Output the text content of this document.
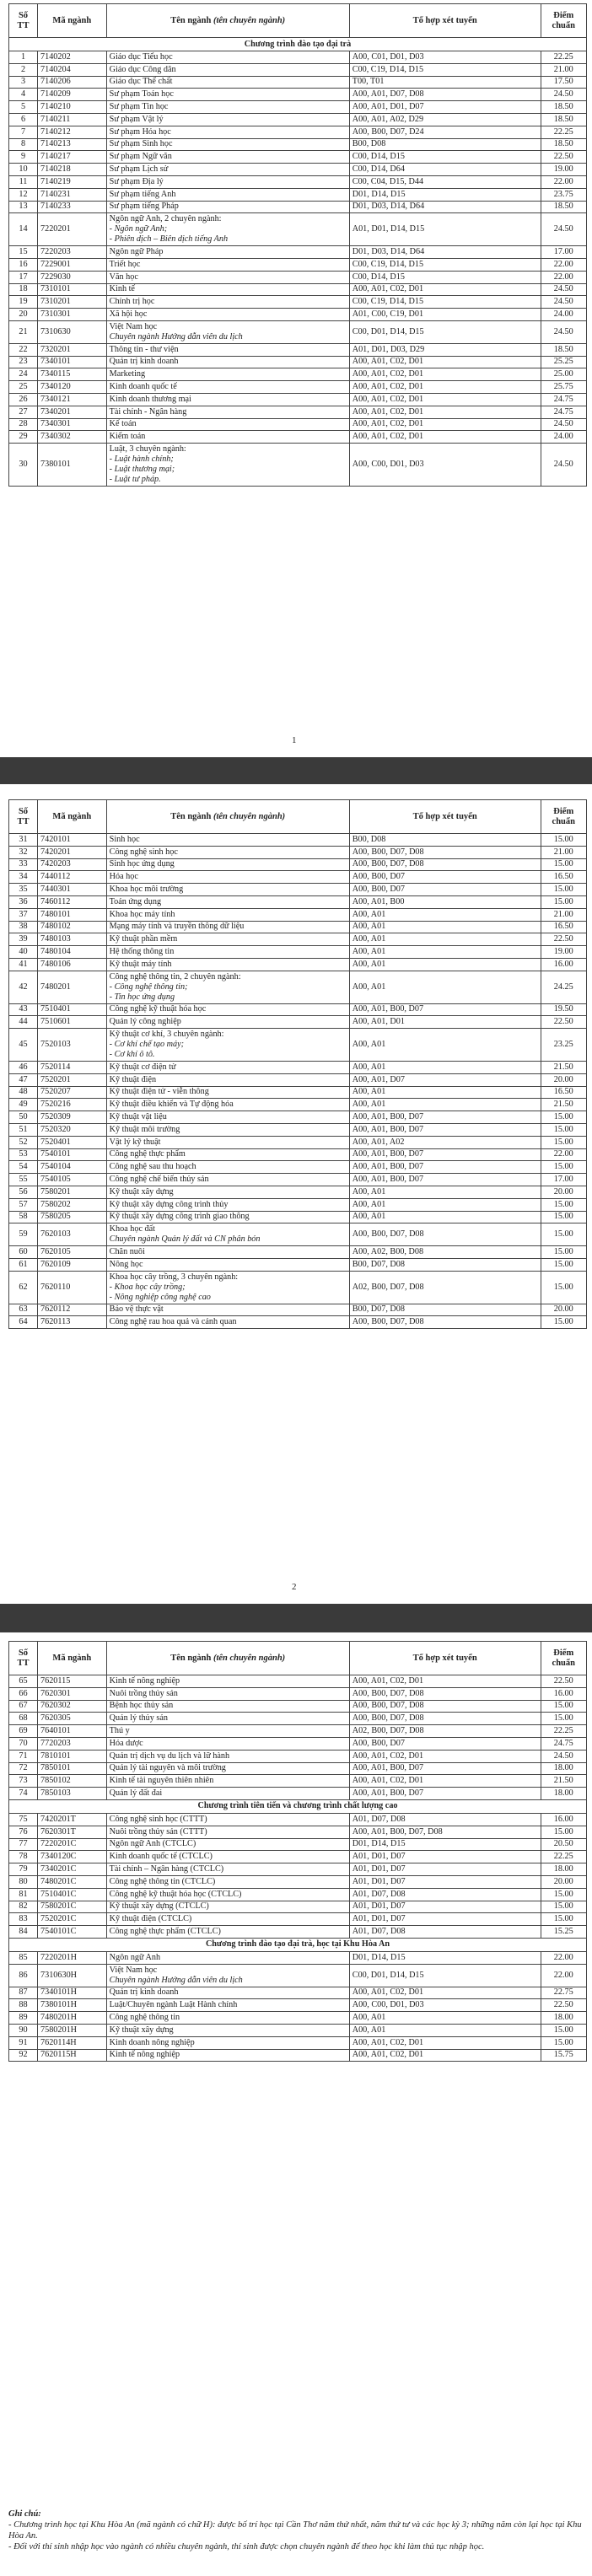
Số TT	Mã ngành	Tên ngành (tên chuyên ngành)	Tổ hợp xét tuyển	Điểm chuẩn
Chương trình đào tạo đại trà				
1	7140202	Giáo dục Tiểu học	A00, C01, D01, D03	22.25
2	7140204	Giáo dục Công dân	C00, C19, D14, D15	21.00
3	7140206	Giáo dục Thể chất	T00, T01	17.50
4	7140209	Sư phạm Toán học	A00, A01, D07, D08	24.50
5	7140210	Sư phạm Tin học	A00, A01, D01, D07	18.50
6	7140211	Sư phạm Vật lý	A00, A01, A02, D29	18.50
7	7140212	Sư phạm Hóa học	A00, B00, D07, D24	22.25
8	7140213	Sư phạm Sinh học	B00, D08	18.50
9	7140217	Sư phạm Ngữ văn	C00, D14, D15	22.50
10	7140218	Sư phạm Lịch sử	C00, D14, D64	19.00
11	7140219	Sư phạm Địa lý	C00, C04, D15, D44	22.00
12	7140231	Sư phạm tiếng Anh	D01, D14, D15	23.75
13	7140233	Sư phạm tiếng Pháp	D01, D03, D14, D64	18.50
14	7220201	Ngôn ngữ Anh, 2 chuyên ngành:
- Ngôn ngữ Anh;
- Phiên dịch – Biên dịch tiếng Anh	A01, D01, D14, D15	24.50
15	7220203	Ngôn ngữ Pháp	D01, D03, D14, D64	17.00
16	7229001	Triết học	C00, C19, D14, D15	22.00
17	7229030	Văn học	C00, D14, D15	22.00
18	7310101	Kinh tế	A00, A01, C02, D01	24.50
19	7310201	Chính trị học	C00, C19, D14, D15	24.50
20	7310301	Xã hội học	A01, C00, C19, D01	24.00
21	7310630	Việt Nam học
Chuyên ngành Hướng dẫn viên du lịch	C00, D01, D14, D15	24.50
22	7320201	Thông tin - thư viện	A01, D01, D03, D29	18.50
23	7340101	Quản trị kinh doanh	A00, A01, C02, D01	25.25
24	7340115	Marketing	A00, A01, C02, D01	25.00
25	7340120	Kinh doanh quốc tế	A00, A01, C02, D01	25.75
26	7340121	Kinh doanh thương mại	A00, A01, C02, D01	24.75
27	7340201	Tài chính - Ngân hàng	A00, A01, C02, D01	24.75
28	7340301	Kế toán	A00, A01, C02, D01	24.50
29	7340302	Kiểm toán	A00, A01, C02, D01	24.00
30	7380101	Luật, 3 chuyên ngành:
- Luật hành chính;
- Luật thương mại;
- Luật tư pháp.	A00, C00, D01, D03	24.50
1
Số TT	Mã ngành	Tên ngành (tên chuyên ngành)	Tổ hợp xét tuyển	Điểm chuẩn
31	7420101	Sinh học	B00, D08	15.00
32	7420201	Công nghệ sinh học	A00, B00, D07, D08	21.00
33	7420203	Sinh học ứng dụng	A00, B00, D07, D08	15.00
34	7440112	Hóa học	A00, B00, D07	16.50
35	7440301	Khoa học môi trường	A00, B00, D07	15.00
36	7460112	Toán ứng dụng	A00, A01, B00	15.00
37	7480101	Khoa học máy tính	A00, A01	21.00
38	7480102	Mạng máy tính và truyền thông dữ liệu	A00, A01	16.50
39	7480103	Kỹ thuật phần mềm	A00, A01	22.50
40	7480104	Hệ thống thông tin	A00, A01	19.00
41	7480106	Kỹ thuật máy tính	A00, A01	16.00
42	7480201	Công nghệ thông tin, 2 chuyên ngành:
- Công nghệ thông tin;
- Tin học ứng dụng	A00, A01	24.25
43	7510401	Công nghệ kỹ thuật hóa học	A00, A01, B00, D07	19.50
44	7510601	Quản lý công nghiệp	A00, A01, D01	22.50
45	7520103	Kỹ thuật cơ khí, 3 chuyên ngành:
- Cơ khí chế tạo máy;
- Cơ khí ô tô.	A00, A01	23.25
46	7520114	Kỹ thuật cơ điện tử	A00, A01	21.50
47	7520201	Kỹ thuật điện	A00, A01, D07	20.00
48	7520207	Kỹ thuật điện tử - viễn thông	A00, A01	16.50
49	7520216	Kỹ thuật điều khiển và Tự động hóa	A00, A01	21.50
50	7520309	Kỹ thuật vật liệu	A00, A01, B00, D07	15.00
51	7520320	Kỹ thuật môi trường	A00, A01, B00, D07	15.00
52	7520401	Vật lý kỹ thuật	A00, A01, A02	15.00
53	7540101	Công nghệ thực phẩm	A00, A01, B00, D07	22.00
54	7540104	Công nghệ sau thu hoạch	A00, A01, B00, D07	15.00
55	7540105	Công nghệ chế biến thủy sản	A00, A01, B00, D07	17.00
56	7580201	Kỹ thuật xây dựng	A00, A01	20.00
57	7580202	Kỹ thuật xây dựng công trình thủy	A00, A01	15.00
58	7580205	Kỹ thuật xây dựng công trình giao thông	A00, A01	15.00
59	7620103	Khoa học đất
Chuyên ngành Quản lý đất và CN phân bón	A00, B00, D07, D08	15.00
60	7620105	Chăn nuôi	A00, A02, B00, D08	15.00
61	7620109	Nông học	B00, D07, D08	15.00
62	7620110	Khoa học cây trồng, 3 chuyên ngành:
- Khoa học cây trồng;
- Nông nghiệp công nghệ cao	A02, B00, D07, D08	15.00
63	7620112	Bảo vệ thực vật	B00, D07, D08	20.00
64	7620113	Công nghệ rau hoa quả và cảnh quan	A00, B00, D07, D08	15.00
2
Số TT	Mã ngành	Tên ngành (tên chuyên ngành)	Tổ hợp xét tuyển	Điểm chuẩn
65	7620115	Kinh tế nông nghiệp	A00, A01, C02, D01	22.50
66	7620301	Nuôi trồng thủy sản	A00, B00, D07, D08	16.00
67	7620302	Bệnh học thủy sản	A00, B00, D07, D08	15.00
68	7620305	Quản lý thủy sản	A00, B00, D07, D08	15.00
69	7640101	Thú y	A02, B00, D07, D08	22.25
70	7720203	Hóa dược	A00, B00, D07	24.75
71	7810101	Quản trị dịch vụ du lịch và lữ hành	A00, A01, C02, D01	24.50
72	7850101	Quản lý tài nguyên và môi trường	A00, A01, B00, D07	18.00
73	7850102	Kinh tế tài nguyên thiên nhiên	A00, A01, C02, D01	21.50
74	7850103	Quản lý đất đai	A00, A01, B00, D07	18.00
Chương trình tiên tiến và chương trình chất lượng cao				
75	7420201T	Công nghệ sinh học (CTTT)	A01, D07, D08	16.00
76	7620301T	Nuôi trồng thủy sản (CTTT)	A00, A01, B00, D07, D08	15.00
77	7220201C	Ngôn ngữ Anh (CTCLC)	D01, D14, D15	20.50
78	7340120C	Kinh doanh quốc tế (CTCLC)	A01, D01, D07	22.25
79	7340201C	Tài chính – Ngân hàng (CTCLC)	A01, D01, D07	18.00
80	7480201C	Công nghệ thông tin (CTCLC)	A01, D01, D07	20.00
81	7510401C	Công nghệ kỹ thuật hóa học (CTCLC)	A01, D07, D08	15.00
82	7580201C	Kỹ thuật xây dựng (CTCLC)	A01, D01, D07	15.00
83	7520201C	Kỹ thuật điện (CTCLC)	A01, D01, D07	15.00
84	7540101C	Công nghệ thực phẩm (CTCLC)	A01, D07, D08	15.25
Chương trình đào tạo đại trà, học tại Khu Hòa An				
85	7220201H	Ngôn ngữ Anh	D01, D14, D15	22.00
86	7310630H	Việt Nam học
Chuyên ngành Hướng dẫn viên du lịch	C00, D01, D14, D15	22.00
87	7340101H	Quản trị kinh doanh	A00, A01, C02, D01	22.75
88	7380101H	Luật/Chuyên ngành Luật Hành chính	A00, C00, D01, D03	22.50
89	7480201H	Công nghệ thông tin	A00, A01	18.00
90	7580201H	Kỹ thuật xây dựng	A00, A01	15.00
91	7620114H	Kinh doanh nông nghiệp	A00, A01, C02, D01	15.00
92	7620115H	Kinh tế nông nghiệp	A00, A01, C02, D01	15.75
Ghi chú:
- Chương trình học tại Khu Hòa An (mã ngành có chữ H): được bố trí học tại Cần Thơ năm thứ nhất, năm thứ tư và các học kỳ 3; những năm còn lại học tại Khu Hòa An.
- Đối với thí sinh nhập học vào ngành có nhiều chuyên ngành, thí sinh được chọn chuyên ngành để theo học khi làm thủ tục nhập học.
